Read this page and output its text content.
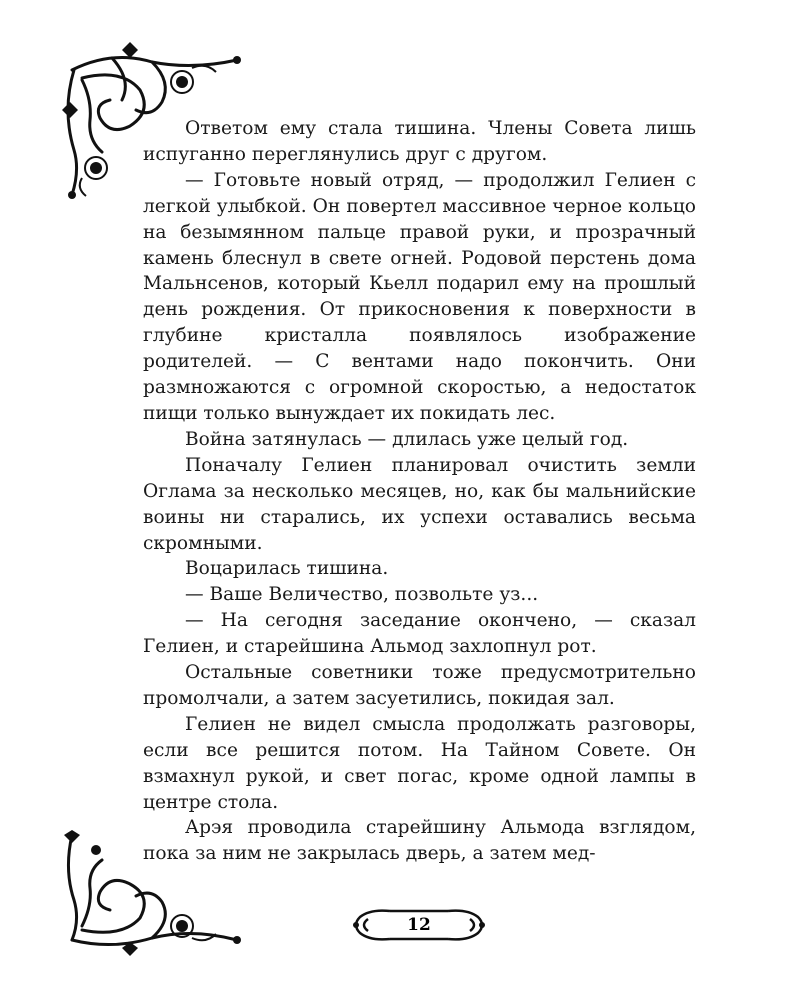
Ответом ему стала тишина. Члены Совета лишь испуганно переглянулись друг с другом.

— Готовьте новый отряд, — продолжил Гелиен с легкой улыбкой. Он повертел массивное черное кольцо на безымянном пальце правой руки, и прозрачный камень блеснул в свете огней. Родовой перстень дома Мальнсенов, который Кьелл подарил ему на прошлый день рождения. От прикосновения к поверхности в глубине кристалла появлялось изображение родителей. — С вентами надо покончить. Они размножаются с огромной скоростью, а недостаток пищи только вынуждает их покидать лес.

Война затянулась — длилась уже целый год.

Поначалу Гелиен планировал очистить земли Оглама за несколько месяцев, но, как бы мальнийские воины ни старались, их успехи оставались весьма скромными.

Воцарилась тишина.

— Ваше Величество, позвольте уз...

— На сегодня заседание окончено, — сказал Гелиен, и старейшина Альмод захлопнул рот.

Остальные советники тоже предусмотрительно промолчали, а затем засуетились, покидая зал.

Гелиен не видел смысла продолжать разговоры, если все решится потом. На Тайном Совете. Он взмахнул рукой, и свет погас, кроме одной лампы в центре стола.

Арэя проводила старейшину Альмода взглядом, пока за ним не закрылась дверь, а затем мед-

12
